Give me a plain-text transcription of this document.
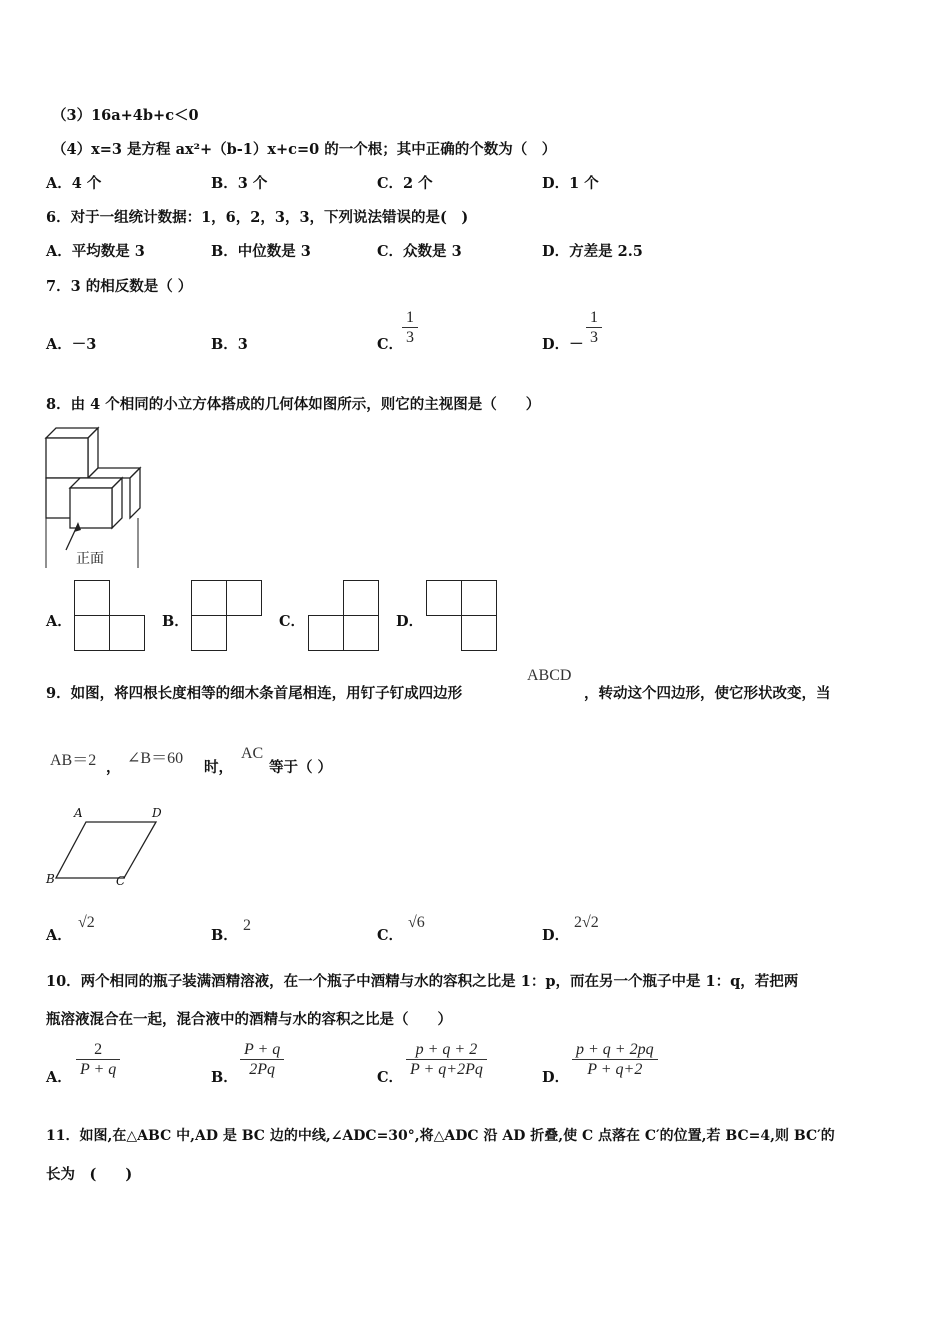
（3）16a+4b+c＜0
（4）x=3 是方程 ax²+（b-1）x+c=0 的一个根；其中正确的个数为（　）
A．4 个	B．3 个	C．2 个	D．1 个
6．对于一组统计数据：1，6，2，3，3，下列说法错误的是(　)
A．平均数是 3	B．中位数是 3	C．众数是 3	D．方差是 2.5
7．3 的相反数是（ ）
A．－3	B．3	C．
$\frac{1}{3}$	D．－ $\frac{1}{3}$
8．由 4 个相同的小立方体搭成的几何体如图所示，则它的主视图是（　　）
正面
A．	B．	C．	D．
9．如图，将四根长度相等的细木条首尾相连，用钉子钉成四边形
ABCD
，转动这个四边形，使它形状改变，当
AB＝2 ，
∠B＝60
时，
AC
等于（ ）
A	D
B	C
A．
√2
B．
2
C．
√6
D．
2√2
10．两个相同的瓶子装满酒精溶液，在一个瓶子中酒精与水的容积之比是 1：p，而在另一个瓶子中是 1：q，若把两
瓶溶液混合在一起，混合液中的酒精与水的容积之比是（　　）
A． $\frac{2}{P + q}$	B． $\frac{P + q}{2Pq}$	C． $\frac{p + q + 2}{P + q+2Pq}$	D． $\frac{p + q + 2pq}{P + q+2}$
11．如图,在△ABC 中,AD 是 BC 边的中线,∠ADC=30°,将△ADC 沿 AD 折叠,使 C 点落在 C′的位置,若 BC=4,则 BC′的
长为　(　　)
